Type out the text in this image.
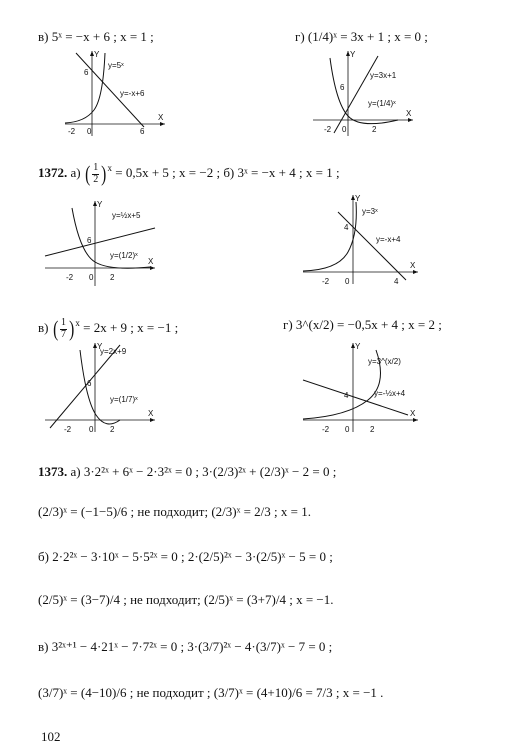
в) 5ˣ = −x + 6 ; x = 1 ;	г) (1/4)ˣ = 3x + 1 ; x = 0 ;
y=5ˣ
y=-x+6
X
Y
6
-2 0	6
y=3x+1
y=(1/4)ˣ
X
Y
6
-2 0	2
1372. а) ( $\frac{1}{2} )^x = 0,5x + 5$ ; x = −2 ; б) 3ˣ = −x + 4 ; x = 1 ;
y=½x+5
y=(1/2)ˣ
X
Y
6
-2 0 2
y=3ˣ
y=-x+4
X
Y
4
-2 0	4
в) ( $\frac{1}{7} )^x = 2x + 9$ ; x = −1 ;	г) 3^(x/2) = −0,5x + 4 ; x = 2 ;
y=2x+9
y=(1/7)ˣ
X
Y
6
-2 0 2
y=3^(x/2)
y=-½x+4
X
Y
4
-2 0	2
1373. а) 3·2²ˣ + 6ˣ − 2·3²ˣ = 0 ; 3·(2/3)²ˣ + (2/3)ˣ − 2 = 0 ;
(2/3)ˣ = (−1−5)/6 ; не подходит; (2/3)ˣ = 2/3 ; x = 1.
б) 2·2²ˣ − 3·10ˣ − 5·5²ˣ = 0 ; 2·(2/5)²ˣ − 3·(2/5)ˣ − 5 = 0 ;
(2/5)ˣ = (3−7)/4 ; не подходит; (2/5)ˣ = (3+7)/4 ; x = −1.
в) 3²ˣ⁺¹ − 4·21ˣ − 7·7²ˣ = 0 ; 3·(3/7)²ˣ − 4·(3/7)ˣ − 7 = 0 ;
(3/7)ˣ = (4−10)/6 ; не подходит ; (3/7)ˣ = (4+10)/6 = 7/3 ; x = −1 .
102
